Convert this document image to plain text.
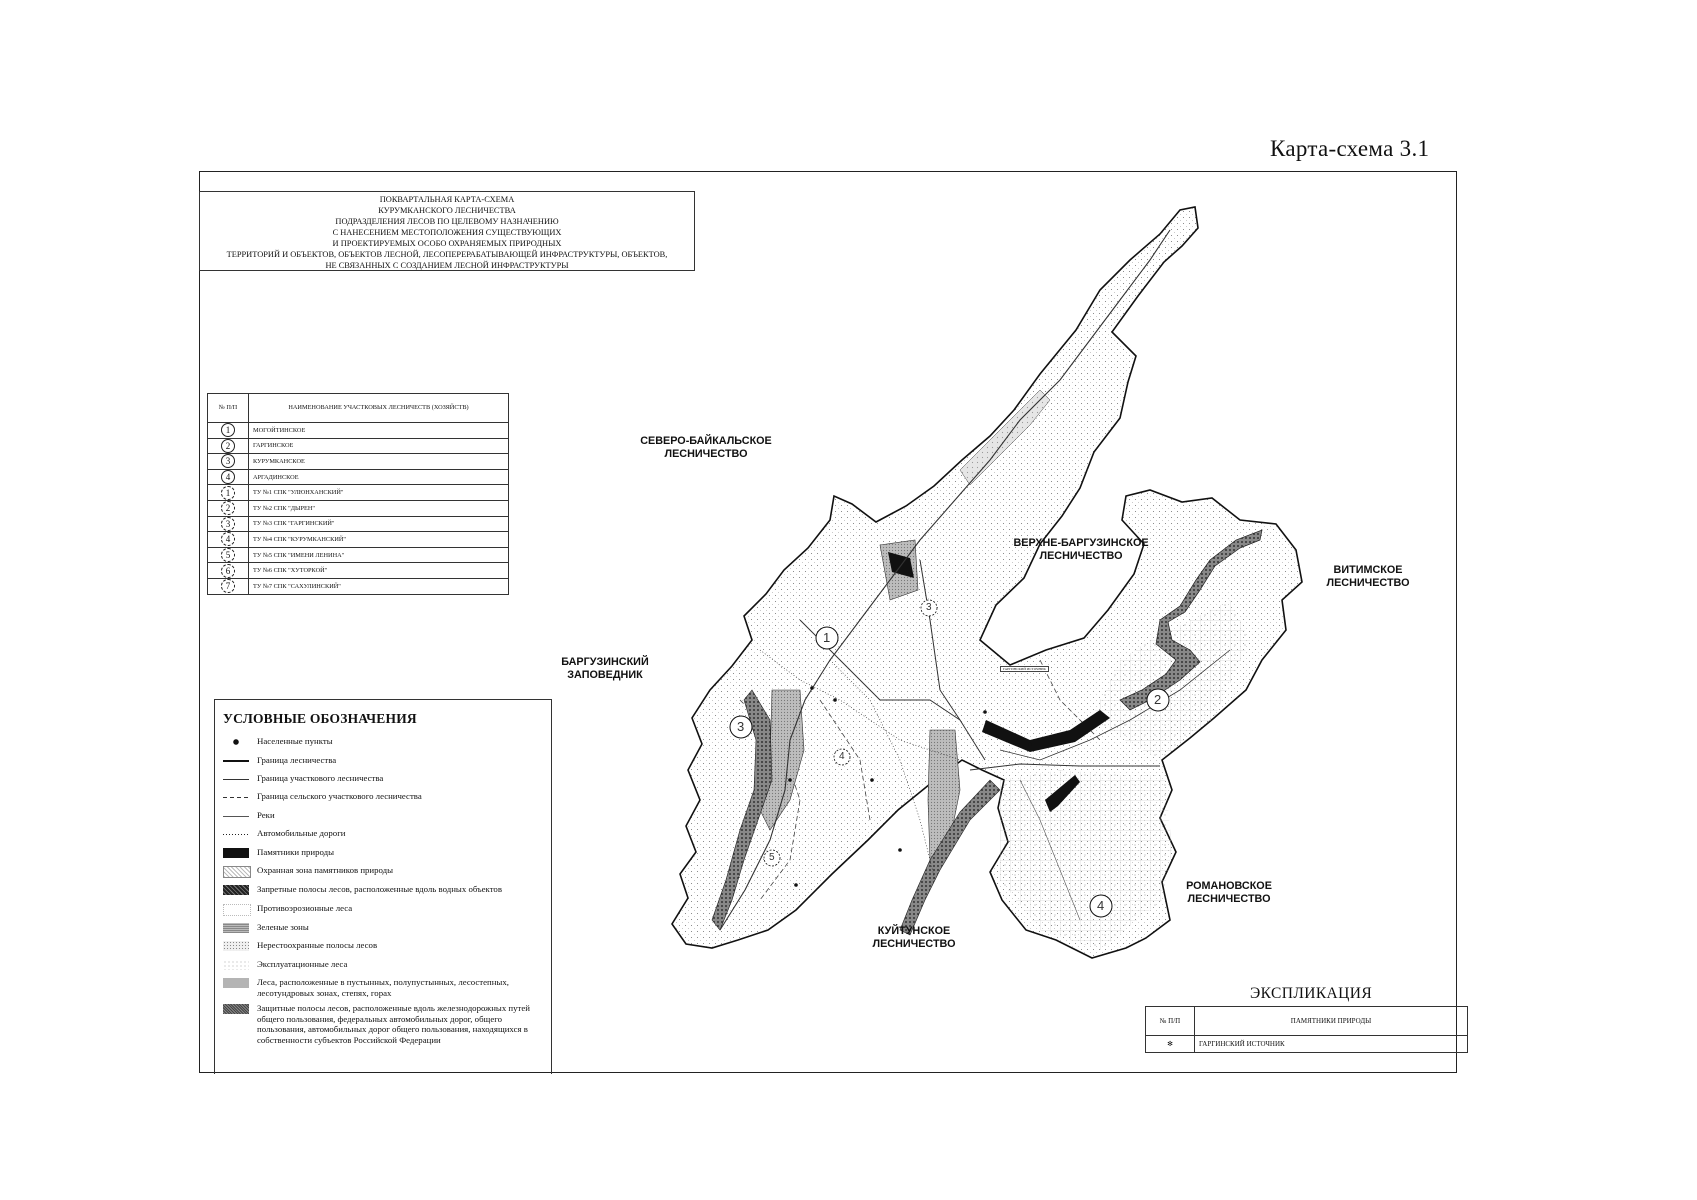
Карта-схема 3.1
ПОКВАРТАЛЬНАЯ КАРТА-СХЕМА
КУРУМКАНСКОГО ЛЕСНИЧЕСТВА
ПОДРАЗДЕЛЕНИЯ ЛЕСОВ ПО ЦЕЛЕВОМУ НАЗНАЧЕНИЮ
С НАНЕСЕНИЕМ МЕСТОПОЛОЖЕНИЯ СУЩЕСТВУЮЩИХ
И ПРОЕКТИРУЕМЫХ ОСОБО ОХРАНЯЕМЫХ ПРИРОДНЫХ
ТЕРРИТОРИЙ И ОБЪЕКТОВ, ОБЪЕКТОВ ЛЕСНОЙ, ЛЕСОПЕРЕРАБАТЫВАЮЩЕЙ ИНФРАСТРУКТУРЫ, ОБЪЕКТОВ,
НЕ СВЯЗАННЫХ С СОЗДАНИЕМ ЛЕСНОЙ ИНФРАСТРУКТУРЫ
№ П/П	НАИМЕНОВАНИЕ УЧАСТКОВЫХ ЛЕСНИЧЕСТВ (ХОЗЯЙСТВ)
1	МОГОЙТИНСКОЕ
2	ГАРГИНСКОЕ
3	КУРУМКАНСКОЕ
4	АРГАДИНСКОЕ
1	ТУ №1 СПК "УЛЮНХАНСКИЙ"
2	ТУ №2 СПК "ДЫРЕН"
3	ТУ №3 СПК "ГАРГИНСКИЙ"
4	ТУ №4 СПК "КУРУМКАНСКИЙ"
5	ТУ №5 СПК "ИМЕНИ ЛЕНИНА"
6	ТУ №6 СПК "ХУТОРКОЙ"
7	ТУ №7 СПК "САХУЛИНСКИЙ"
1
2
3
4
3
4
5
ГАРГИНСКИЙ ИСТОЧНИК
СЕВЕРО-БАЙКАЛЬСКОЕ
ЛЕСНИЧЕСТВО
ВЕРХНЕ-БАРГУЗИНСКОЕ
ЛЕСНИЧЕСТВО
ВИТИМСКОЕ
ЛЕСНИЧЕСТВО
БАРГУЗИНСКИЙ
ЗАПОВЕДНИК
РОМАНОВСКОЕ
ЛЕСНИЧЕСТВО
КУЙТУНСКОЕ
ЛЕСНИЧЕСТВО
УСЛОВНЫЕ ОБОЗНАЧЕНИЯ
Населенные пункты
Граница лесничества
Граница участкового лесничества
Граница сельского участкового лесничества
Реки
Автомобильные дороги
Памятники природы
Охранная зона памятников природы
Запретные полосы лесов, расположенные вдоль водных объектов
Противоэрозионные леса
Зеленые зоны
Нерестоохранные полосы лесов
Эксплуатационные леса
Леса, расположенные в пустынных, полупустынных, лесостепных, лесотундровых зонах, степях, горах
Защитные полосы лесов, расположенные вдоль железнодорожных путей общего пользования, федеральных автомобильных дорог, общего пользования, автомобильных дорог общего пользования, находящихся в собственности субъектов Российской Федерации
ЭКСПЛИКАЦИЯ
№ П/П	ПАМЯТНИКИ ПРИРОДЫ
✻	ГАРГИНСКИЙ ИСТОЧНИК
